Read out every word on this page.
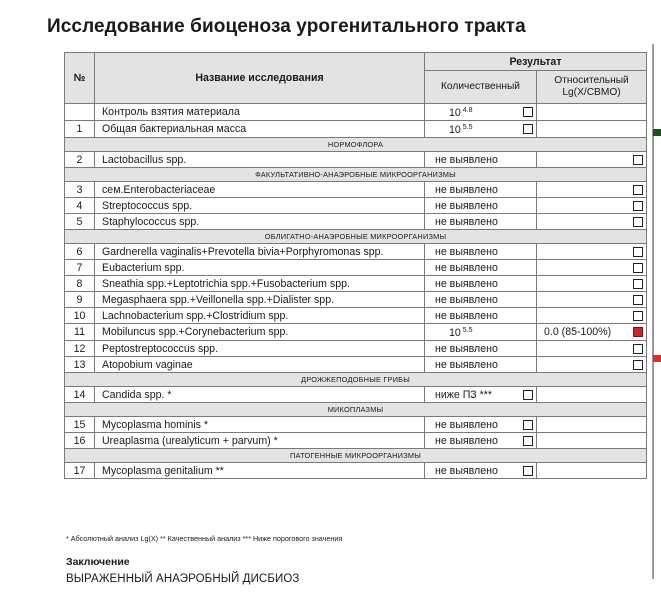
Исследование биоценоза урогенитального тракта
№	Название исследования	Результат	
		Количественный	Относительный Lg(X/CBMO)
	Контроль взятия материала	10 $^{4.8}$

1	Общая бактериальная масса	10 $^{5.5}$

НОРМОФЛОРА			
2	Lactobacillus spp.	не выявлено	

ФАКУЛЬТАТИВНО-АНАЭРОБНЫЕ МИКРООРГАНИЗМЫ			
3	сем.Enterobacteriaceae	не выявлено	

4	Streptococcus spp.	не выявлено	

5	Staphylococcus spp.	не выявлено	

ОБЛИГАТНО-АНАЭРОБНЫЕ МИКРООРГАНИЗМЫ			
6	Gardnerella vaginalis+Prevotella bivia+Porphyromonas spp.	не выявлено	

7	Eubacterium spp.	не выявлено	

8	Sneathia spp.+Leptotrichia spp.+Fusobacterium spp.	не выявлено	

9	Megasphaera spp.+Veillonella spp.+Dialister spp.	не выявлено	

10	Lachnobacterium spp.+Clostridium spp.	не выявлено	

11	Mobiluncus spp.+Corynebacterium spp.	10 $^{5.5}$	0.0 (85-100%)

12	Peptostreptococcus spp.	не выявлено	

13	Atopobium vaginae	не выявлено	

ДРОЖЖЕПОДОБНЫЕ ГРИБЫ			
14	Candida spp. *	ниже ПЗ ***

МИКОПЛАЗМЫ			
15	Mycoplasma hominis *	не выявлено

16	Ureaplasma (urealyticum + parvum) *	не выявлено

ПАТОГЕННЫЕ МИКРООРГАНИЗМЫ			
17	Mycoplasma genitalium **	не выявлено

* Абсолютный анализ Lg(X) ** Качественный анализ *** Ниже порогового значения
Заключение
ВЫРАЖЕННЫЙ АНАЭРОБНЫЙ ДИСБИОЗ
